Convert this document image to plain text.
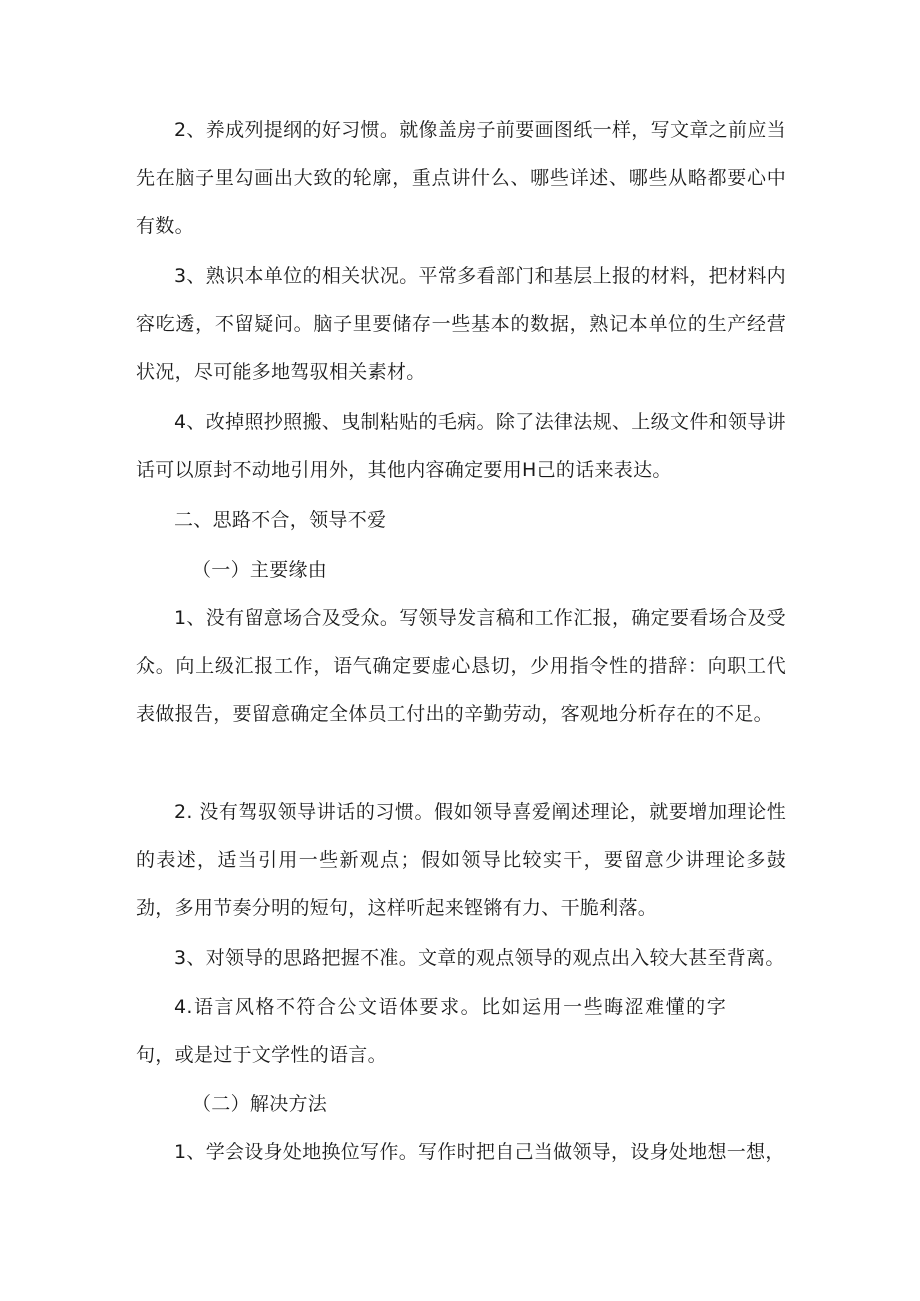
2、养成列提纲的好习惯。就像盖房子前要画图纸一样，写文章之前应当先在脑子里勾画出大致的轮廓，重点讲什么、哪些详述、哪些从略都要心中有数。

3、熟识本单位的相关状况。平常多看部门和基层上报的材料，把材料内容吃透，不留疑问。脑子里要储存一些基本的数据，熟记本单位的生产经营状况，尽可能多地驾驭相关素材。

4、改掉照抄照搬、曳制粘贴的毛病。除了法律法规、上级文件和领导讲话可以原封不动地引用外，其他内容确定要用H己的话来表达。

二、思路不合，领导不爱

（一）主要缘由

1、没有留意场合及受众。写领导发言稿和工作汇报，确定要看场合及受众。向上级汇报工作，语气确定要虚心恳切，少用指令性的措辞：向职工代表做报告，要留意确定全体员工付出的辛勤劳动，客观地分析存在的不足。

2. 没有驾驭领导讲话的习惯。假如领导喜爱阐述理论，就要增加理论性的表述，适当引用一些新观点；假如领导比较实干，要留意少讲理论多鼓劲，多用节奏分明的短句，这样听起来铿锵有力、干脆利落。

3、对领导的思路把握不准。文章的观点领导的观点出入较大甚至背离。

4.语言风格不符合公文语体要求。比如运用一些晦涩难懂的字句，或是过于文学性的语言。

（二）解决方法

1、学会设身处地换位写作。写作时把自己当做领导，设身处地想一想，
